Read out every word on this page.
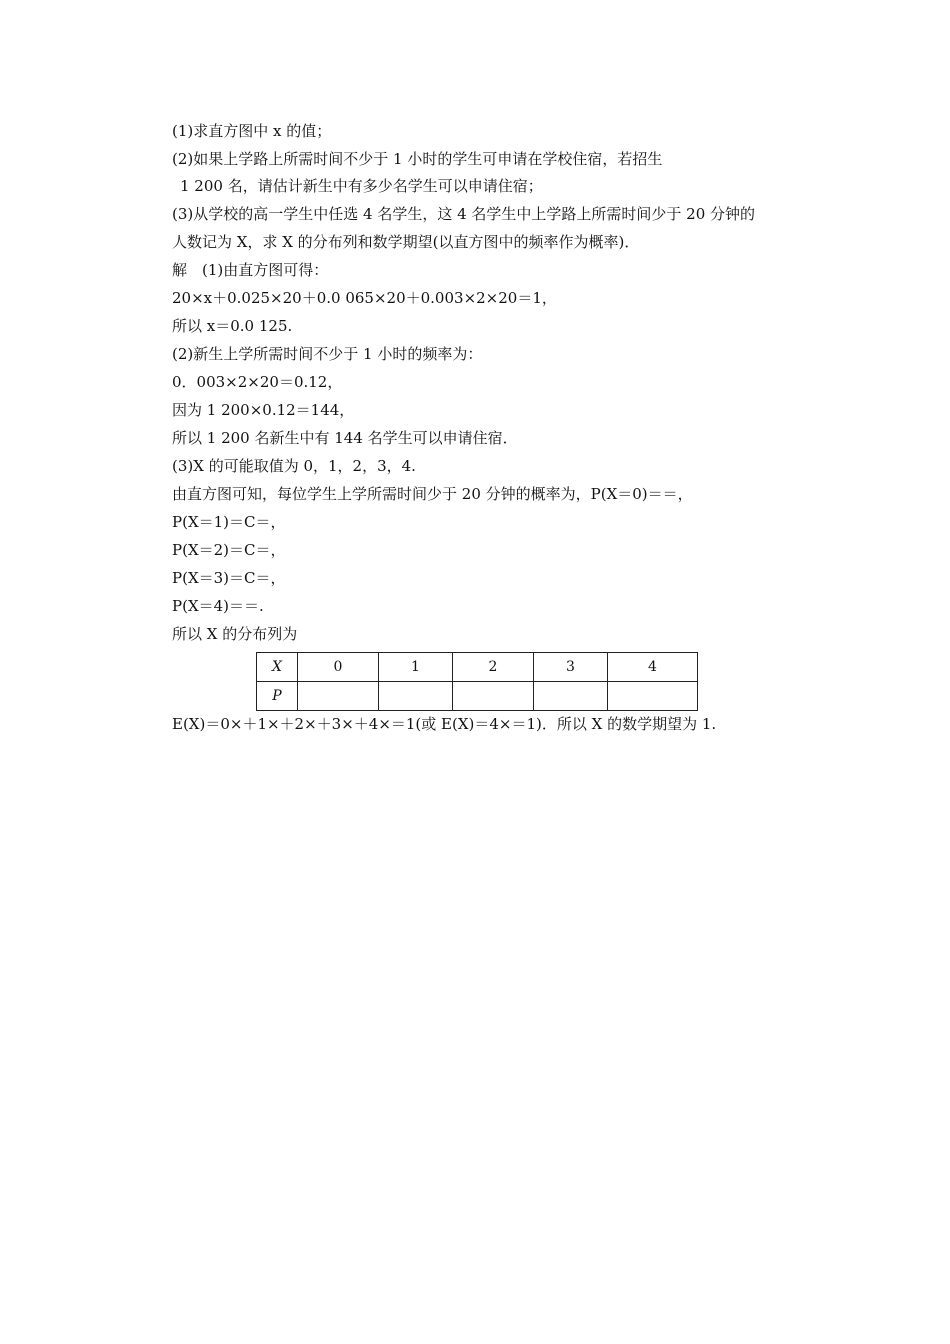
(1)求直方图中 x 的值；
(2)如果上学路上所需时间不少于 1 小时的学生可申请在学校住宿，若招生
1 200 名，请估计新生中有多少名学生可以申请住宿；
(3)从学校的高一学生中任选 4 名学生，这 4 名学生中上学路上所需时间少于 20 分钟的
人数记为 X，求 X 的分布列和数学期望(以直方图中的频率作为概率)．
解　(1)由直方图可得：
20×x＋0.025×20＋0.0 065×20＋0.003×2×20＝1，
所以 x＝0.0 125.
(2)新生上学所需时间不少于 1 小时的频率为：
0．003×2×20＝0.12，
因为 1 200×0.12＝144，
所以 1 200 名新生中有 144 名学生可以申请住宿．
(3)X 的可能取值为 0，1，2，3，4.
由直方图可知，每位学生上学所需时间少于 20 分钟的概率为，P(X＝0)＝＝，
P(X＝1)＝C＝，
P(X＝2)＝C＝，
P(X＝3)＝C＝，
P(X＝4)＝＝.
所以 X 的分布列为
X	0	1	2	3	4
P					
E(X)＝0×＋1×＋2×＋3×＋4×＝1(或 E(X)＝4×＝1)．所以 X 的数学期望为 1.
